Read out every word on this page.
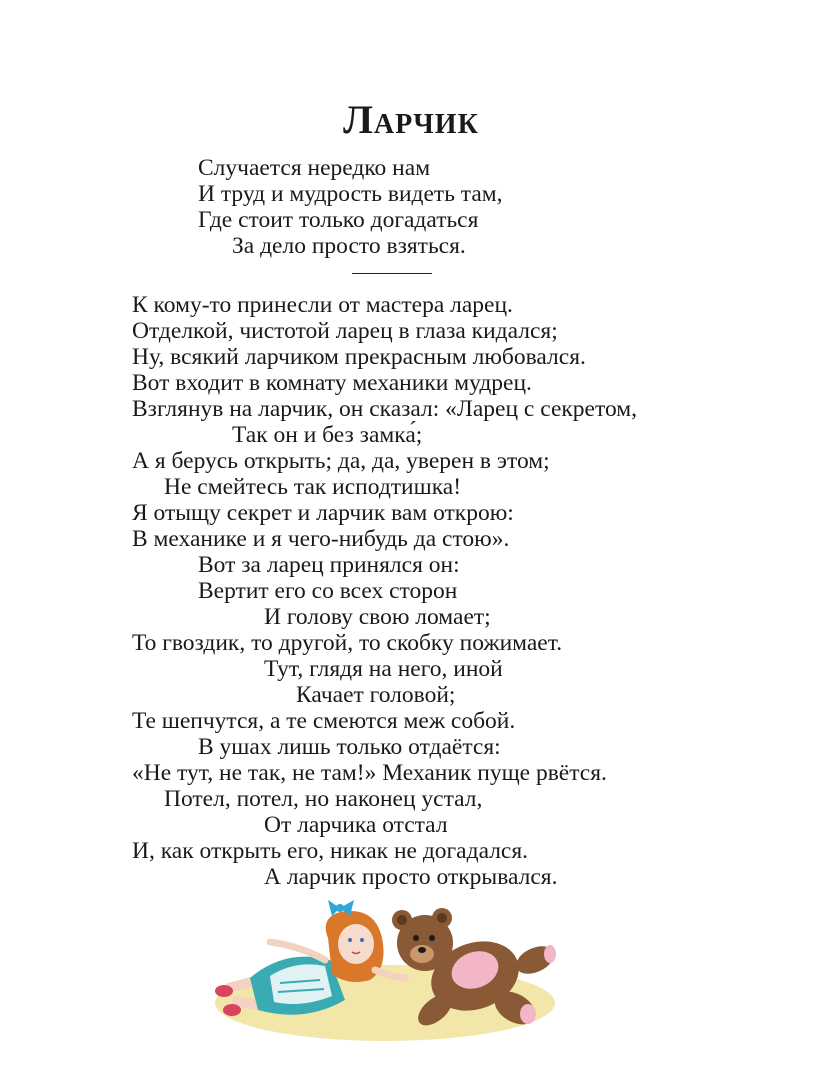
Ларчик
Случается нередко нам
И труд и мудрость видеть там,
Где стоит только догадаться
За дело просто взяться.
К кому-то принесли от мастера ларец.
Отделкой, чистотой ларец в глаза кидался;
Ну, всякий ларчиком прекрасным любовался.
Вот входит в комнату механики мудрец.
Взглянув на ларчик, он сказал: «Ларец с секретом,
Так он и без замка́;
А я берусь открыть; да, да, уверен в этом;
Не смейтесь так исподтишка!
Я отыщу секрет и ларчик вам открою:
В механике и я чего-нибудь да стою».
Вот за ларец принялся он:
Вертит его со всех сторон
И голову свою ломает;
То гвоздик, то другой, то скобку пожимает.
Тут, глядя на него, иной
Качает головой;
Те шепчутся, а те смеются меж собой.
В ушах лишь только отдаётся:
«Не тут, не так, не там!» Механик пуще рвётся.
Потел, потел, но наконец устал,
От ларчика отстал
И, как открыть его, никак не догадался.
А ларчик просто открывался.
